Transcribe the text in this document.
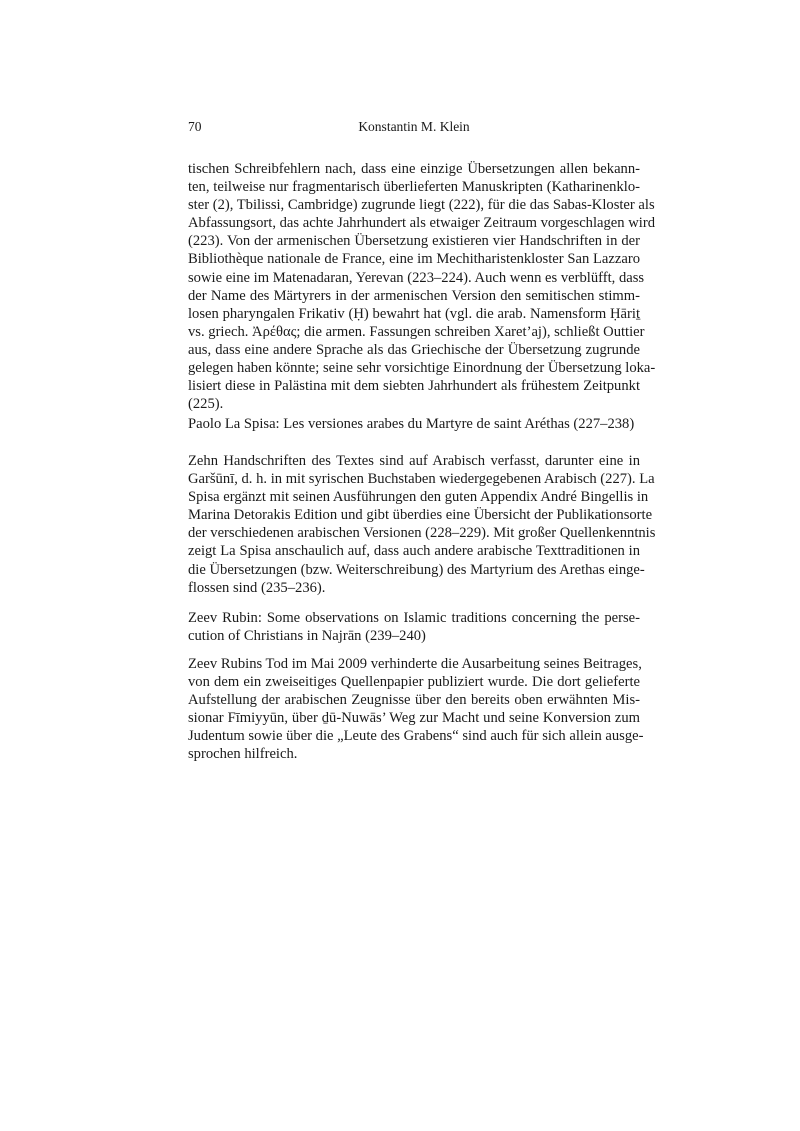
70	Konstantin M. Klein
tischen Schreibfehlern nach, dass eine einzige Übersetzungen allen bekann-
ten, teilweise nur fragmentarisch überlieferten Manuskripten (Katharinenklo-
ster (2), Tbilissi, Cambridge) zugrunde liegt (222), für die das Sabas-Kloster als
Abfassungsort, das achte Jahrhundert als etwaiger Zeitraum vorgeschlagen wird
(223). Von der armenischen Übersetzung existieren vier Handschriften in der
Bibliothèque nationale de France, eine im Mechitharistenkloster San Lazzaro
sowie eine im Matenadaran, Yerevan (223–224). Auch wenn es verblüfft, dass
der Name des Märtyrers in der armenischen Version den semitischen stimm-
losen pharyngalen Frikativ (Ḥ) bewahrt hat (vgl. die arab. Namensform Ḥāriṯ
vs. griech. Ἀρέθας; die armen. Fassungen schreiben Xaret’aj), schließt Outtier
aus, dass eine andere Sprache als das Griechische der Übersetzung zugrunde
gelegen haben könnte; seine sehr vorsichtige Einordnung der Übersetzung loka-
lisiert diese in Palästina mit dem siebten Jahrhundert als frühestem Zeitpunkt
(225).
Paolo La Spisa: Les versiones arabes du Martyre de saint Aréthas (227–238)
Zehn Handschriften des Textes sind auf Arabisch verfasst, darunter eine in
Garšūnī, d. h. in mit syrischen Buchstaben wiedergegebenen Arabisch (227). La
Spisa ergänzt mit seinen Ausführungen den guten Appendix André Bingellis in
Marina Detorakis Edition und gibt überdies eine Übersicht der Publikationsorte
der verschiedenen arabischen Versionen (228–229). Mit großer Quellenkenntnis
zeigt La Spisa anschaulich auf, dass auch andere arabische Texttraditionen in
die Übersetzungen (bzw. Weiterschreibung) des Martyrium des Arethas einge-
flossen sind (235–236).
Zeev Rubin: Some observations on Islamic traditions concerning the perse-
cution of Christians in Najrān (239–240)
Zeev Rubins Tod im Mai 2009 verhinderte die Ausarbeitung seines Beitrages,
von dem ein zweiseitiges Quellenpapier publiziert wurde. Die dort gelieferte
Aufstellung der arabischen Zeugnisse über den bereits oben erwähnten Mis-
sionar Fīmiyyūn, über ḏū-Nuwās’ Weg zur Macht und seine Konversion zum
Judentum sowie über die „Leute des Grabens“ sind auch für sich allein ausge-
sprochen hilfreich.
